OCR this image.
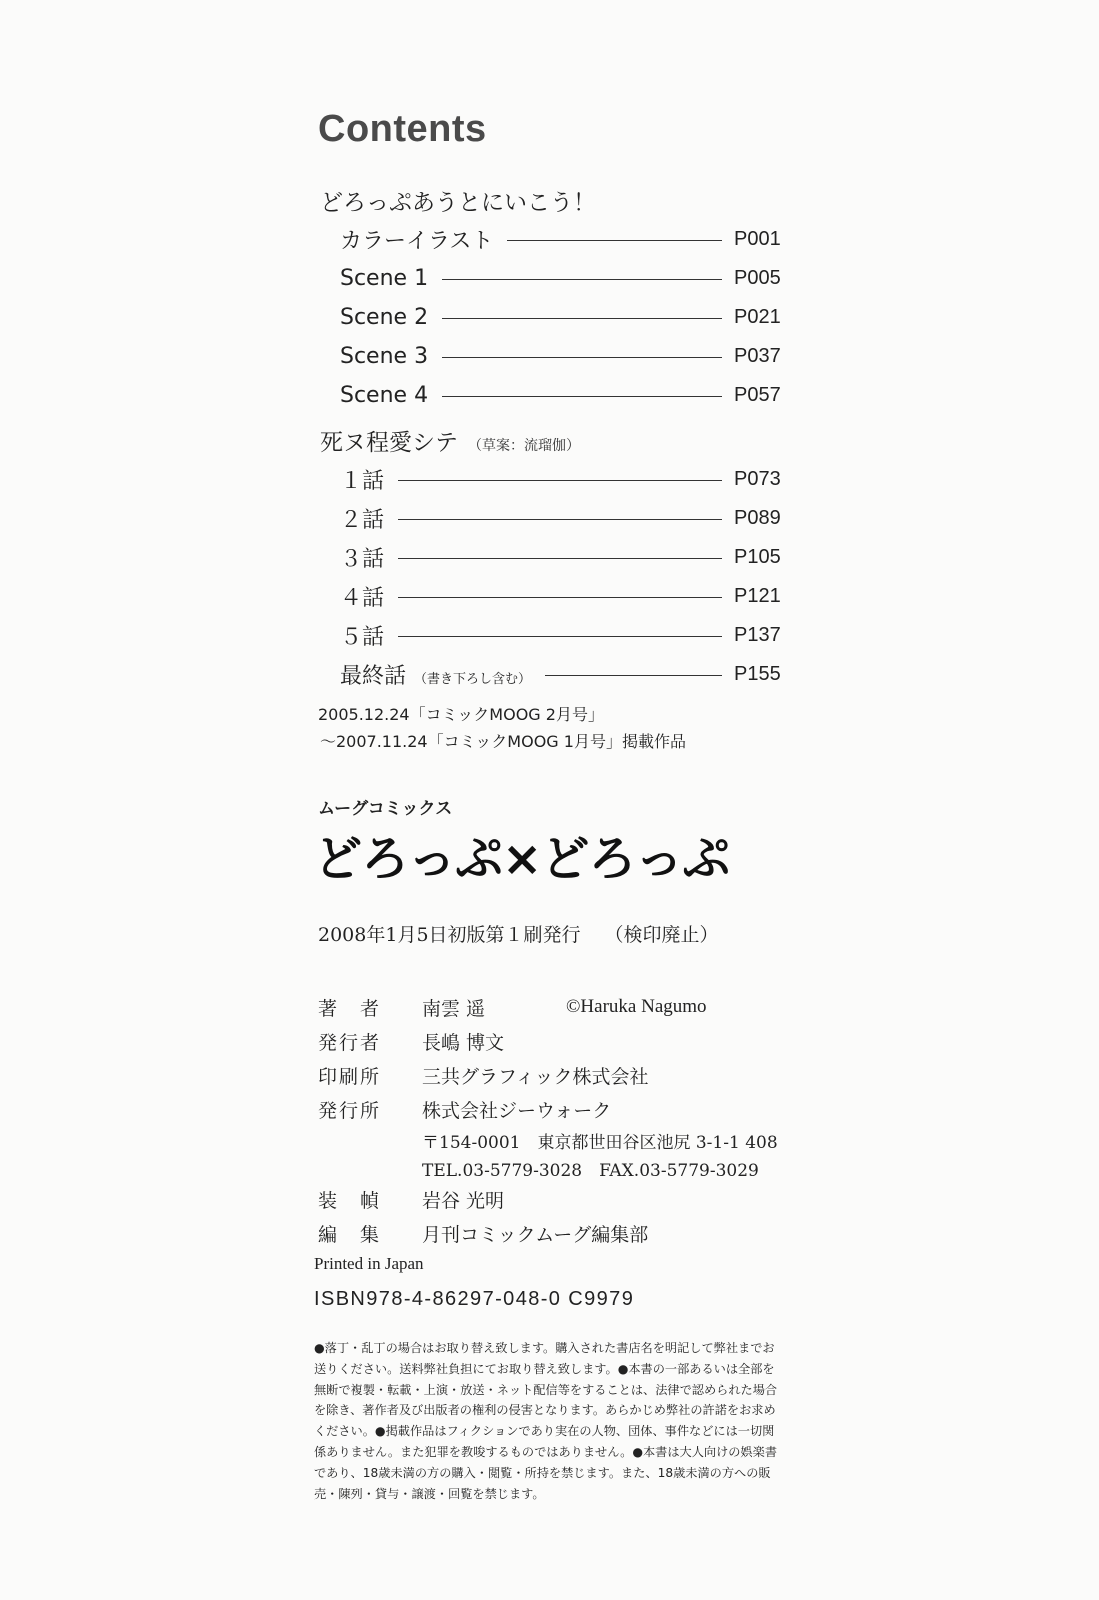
Contents
どろっぷあうとにいこう！
カラーイラスト	P001
Scene 1	P005
Scene 2	P021
Scene 3	P037
Scene 4	P057
死ヌ程愛シテ （草案：流瑠伽）
１話	P073
２話	P089
３話	P105
４話	P121
５話	P137
最終話 （書き下ろし含む）	P155
2005.12.24「コミックMOOG 2月号」
～2007.11.24「コミックMOOG 1月号」掲載作品
ムーグコミックス
どろっぷ×どろっぷ
2008年1月5日初版第１刷発行 （検印廃止）
著　者	南雲 遥	©Haruka Nagumo
発行者	長嶋 博文
印刷所	三共グラフィック株式会社
発行所	株式会社ジーウォーク
〒154-0001　東京都世田谷区池尻 3-1-1 408
TEL.03-5779-3028　FAX.03-5779-3029
装　幀	岩谷 光明
編　集	月刊コミックムーグ編集部
Printed in Japan
ISBN978-4-86297-048-0 C9979
●落丁・乱丁の場合はお取り替え致します。購入された書店名を明記して弊社までお送りください。送料弊社負担にてお取り替え致します。●本書の一部あるいは全部を無断で複製・転載・上演・放送・ネット配信等をすることは、法律で認められた場合を除き、著作者及び出版者の権利の侵害となります。あらかじめ弊社の許諾をお求めください。●掲載作品はフィクションであり実在の人物、団体、事件などには一切関係ありません。また犯罪を教唆するものではありません。●本書は大人向けの娯楽書であり、18歳未満の方の購入・閲覧・所持を禁じます。また、18歳未満の方への販売・陳列・貸与・譲渡・回覧を禁じます。
